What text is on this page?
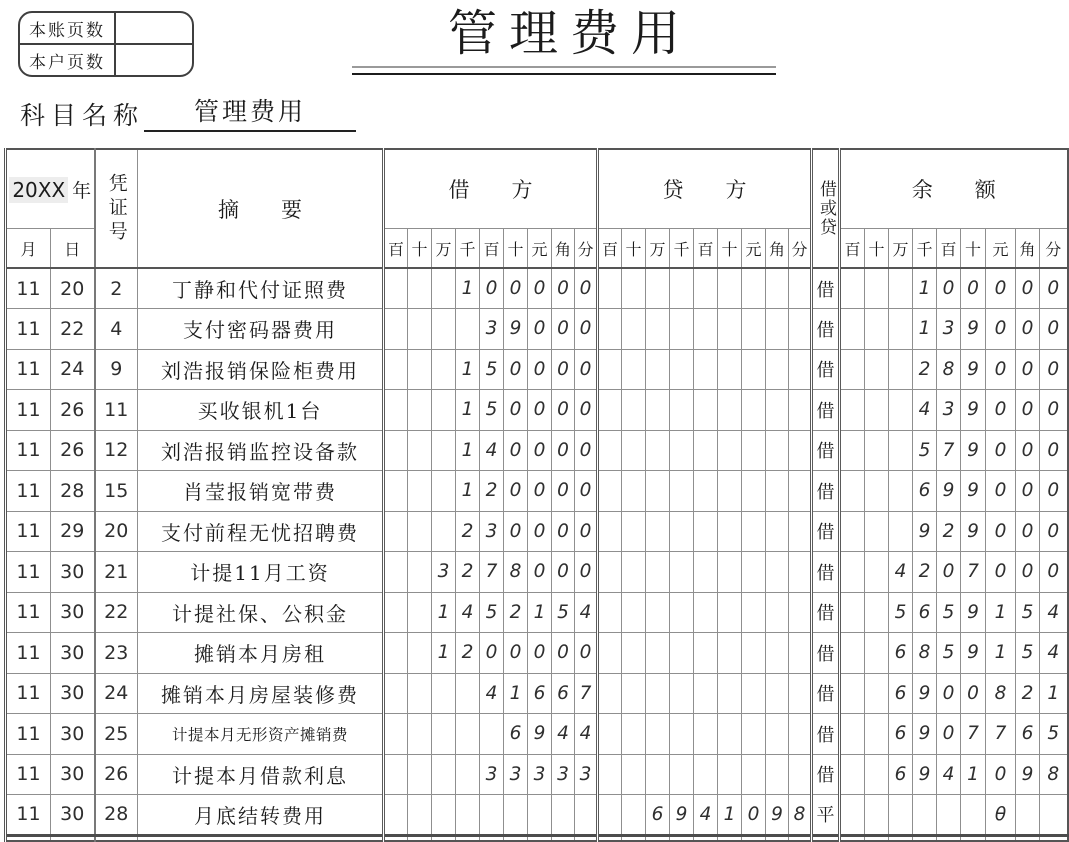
本账页数
本户页数
管理费用
科目名称	管理费用
20XX 年		凭证号	摘　　要	借　　方									贷　　方									借或贷	余　　额								
月	日			百	十	万	千	百	十	元	角	分	百	十	万	千	百	十	元	角	分		百	十	万	千	百	十	元	角	分
11	20	2	丁静和代付证照费				1	0	0	0	0	0										借				1	0	0	0	0	0
11	22	4	支付密码器费用					3	9	0	0	0										借				1	3	9	0	0	0
11	24	9	刘浩报销保险柜费用				1	5	0	0	0	0										借				2	8	9	0	0	0
11	26	11	买收银机1台				1	5	0	0	0	0										借				4	3	9	0	0	0
11	26	12	刘浩报销监控设备款				1	4	0	0	0	0										借				5	7	9	0	0	0
11	28	15	肖莹报销宽带费				1	2	0	0	0	0										借				6	9	9	0	0	0
11	29	20	支付前程无忧招聘费				2	3	0	0	0	0										借				9	2	9	0	0	0
11	30	21	计提11月工资			3	2	7	8	0	0	0										借			4	2	0	7	0	0	0
11	30	22	计提社保、公积金			1	4	5	2	1	5	4										借			5	6	5	9	1	5	4
11	30	23	摊销本月房租			1	2	0	0	0	0	0										借			6	8	5	9	1	5	4
11	30	24	摊销本月房屋装修费					4	1	6	6	7										借			6	9	0	0	8	2	1
11	30	25	计提本月无形资产摊销费						6	9	4	4										借			6	9	0	7	7	6	5
11	30	26	计提本月借款利息					3	3	3	3	3										借			6	9	4	1	0	9	8
11	30	28	月底结转费用												6	9	4	1	0	9	8	平							θ		
